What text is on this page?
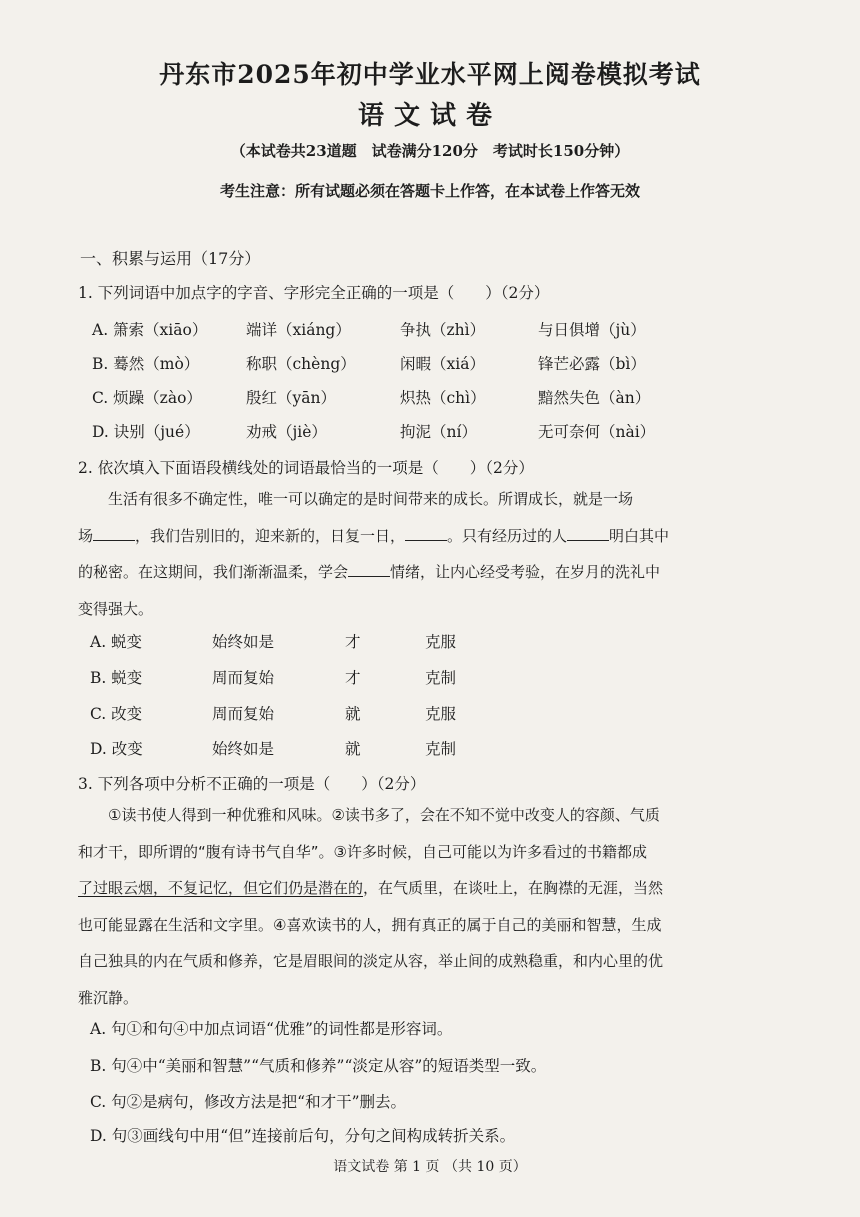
丹东市2025年初中学业水平网上阅卷模拟考试
语文试卷
（本试卷共23道题　试卷满分120分　考试时长150分钟）
考生注意：所有试题必须在答题卡上作答，在本试卷上作答无效
一、积累与运用（17分）
1. 下列词语中加点字的字音、字形完全正确的一项是（　　）（2分）
A. 箫索（xiāo） 端详（xiáng）	争执（zhì）	与日俱增（jù）
B. 蓦然（mò）	称职（chèng）	闲暇（xiá）	锋芒必露（bì）
C. 烦躁（zào）	殷红（yān）	炽热（chì）	黯然失色（àn）
D. 诀别（jué）	劝戒（jiè）	拘泥（ní）	无可奈何（nài）
2. 依次填入下面语段横线处的词语最恰当的一项是（　　）（2分）
生活有很多不确定性，唯一可以确定的是时间带来的成长。所谓成长，就是一场
场	，我们告别旧的，迎来新的，日复一日，	。只有经历过的人	明白其中
的秘密。在这期间，我们渐渐温柔，学会	情绪，让内心经受考验，在岁月的洗礼中
变得强大。
A. 蜕变	始终如是	才	克服
B. 蜕变	周而复始	才	克制
C. 改变	周而复始	就	克服
D. 改变	始终如是	就	克制
3. 下列各项中分析不正确的一项是（　　）（2分）
①读书使人得到一种优雅和风味。②读书多了，会在不知不觉中改变人的容颜、气质
和才干，即所谓的“腹有诗书气自华”。③许多时候，自己可能以为许多看过的书籍都成
了过眼云烟，不复记忆，但它们仍是潜在的，在气质里，在谈吐上，在胸襟的无涯，当然
也可能显露在生活和文字里。④喜欢读书的人，拥有真正的属于自己的美丽和智慧，生成
自己独具的内在气质和修养，它是眉眼间的淡定从容，举止间的成熟稳重，和内心里的优
雅沉静。
A. 句①和句④中加点词语“优雅”的词性都是形容词。
B. 句④中“美丽和智慧”“气质和修养”“淡定从容”的短语类型一致。
C. 句②是病句，修改方法是把“和才干”删去。
D. 句③画线句中用“但”连接前后句，分句之间构成转折关系。
语文试卷 第 1 页 （共 10 页）
